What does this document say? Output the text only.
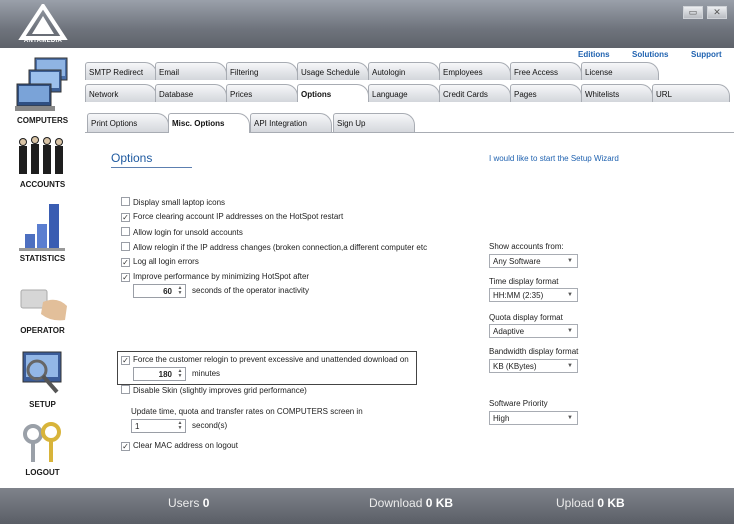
ANTAMEDIA
▭	✕
COMPUTERS
ACCOUNTS
STATISTICS
OPERATOR
SETUP
LOGOUT
Editions	Solutions	Support
SMTP Redirect	Email	Filtering	Usage Schedule	Autologin	Employees	Free Access	License
Network	Database	Prices	Options	Language	Credit Cards	Pages	Whitelists	URL
Print Options	Misc. Options	API Integration	Sign Up
Options	I would like to start the Setup Wizard
Display small laptop icons
✓ Force clearing account IP addresses on the HotSpot restart
Allow login for unsold accounts
Allow relogin if the IP address changes (broken connection,a different computer etc
✓ Log all login errors
✓ Improve performance by minimizing HotSpot after
60	▲
▼ seconds of the operator inactivity
✓ Force the customer relogin to prevent excessive and unattended download on
180	▲
▼ minutes
Disable Skin (slightly improves grid performance)
Update time, quota and transfer rates on COMPUTERS screen in
1	▲
▼ second(s)
✓ Clear MAC address on logout
Show accounts from:
Any Software	▼
Time display format
HH:MM (2:35)	▼
Quota display format
Adaptive	▼
Bandwidth display format
KB (KBytes)	▼
Software Priority
High	▼
Users 0	Download 0 KB	Upload 0 KB
